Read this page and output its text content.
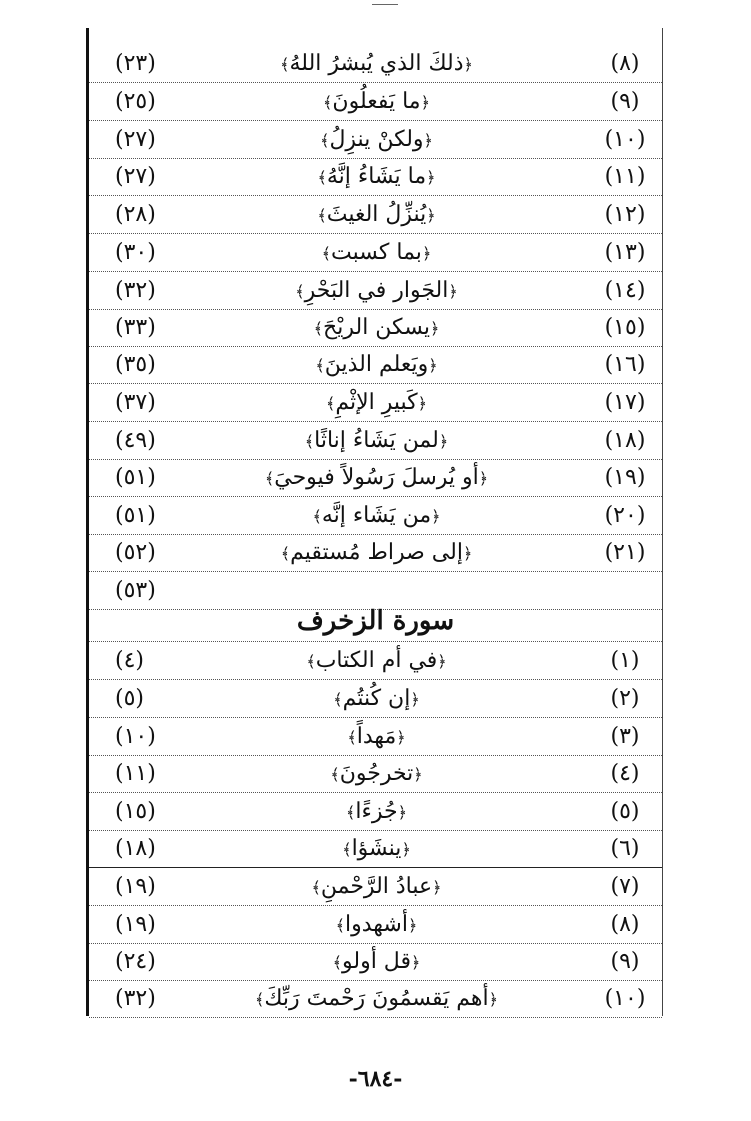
(٢٣)	﴿ذلكَ الذي يُبشرُ اللهُ﴾	(٨)
(٢٥)	﴿ما يَفعلُونَ﴾	(٩)
(٢٧)	﴿ولكنْ ينزِلُ﴾	(١٠)
(٢٧)	﴿ما يَشَاءُ إنَّهُ﴾	(١١)
(٢٨)	﴿يُنزِّلُ الغيثَ﴾	(١٢)
(٣٠)	﴿بما كسبت﴾	(١٣)
(٣٢)	﴿الجَوار في البَحْرِ﴾	(١٤)
(٣٣)	﴿يسكن الريْحَ﴾	(١٥)
(٣٥)	﴿ويَعلم الذينَ﴾	(١٦)
(٣٧)	﴿كَبيرِ الإثْمِ﴾	(١٧)
(٤٩)	﴿لمن يَشَاءُ إناثًا﴾	(١٨)
(٥١)	﴿أو يُرسلَ رَسُولاً فيوحيَ﴾	(١٩)
(٥١)	﴿من يَشَاء إنَّه﴾	(٢٠)
(٥٢)	﴿إلى صراط مُستقيم﴾	(٢١)
(٥٣)
سورة الزخرف
(٤)	﴿في أم الكتاب﴾	(١)
(٥)	﴿إن كُنتُم﴾	(٢)
(١٠)	﴿مَهداً﴾	(٣)
(١١)	﴿تخرجُونَ﴾	(٤)
(١٥)	﴿جُزءًا﴾	(٥)
(١٨)	﴿ينشَؤا﴾	(٦)
(١٩)	﴿عبادُ الرَّحْمنِ﴾	(٧)
(١٩)	﴿أشهدوا﴾	(٨)
(٢٤)	﴿قل أولو﴾	(٩)
(٣٢)	﴿أهم يَقسمُونَ رَحْمتَ رَبِّكَ﴾	(١٠)
-٦٨٤-
